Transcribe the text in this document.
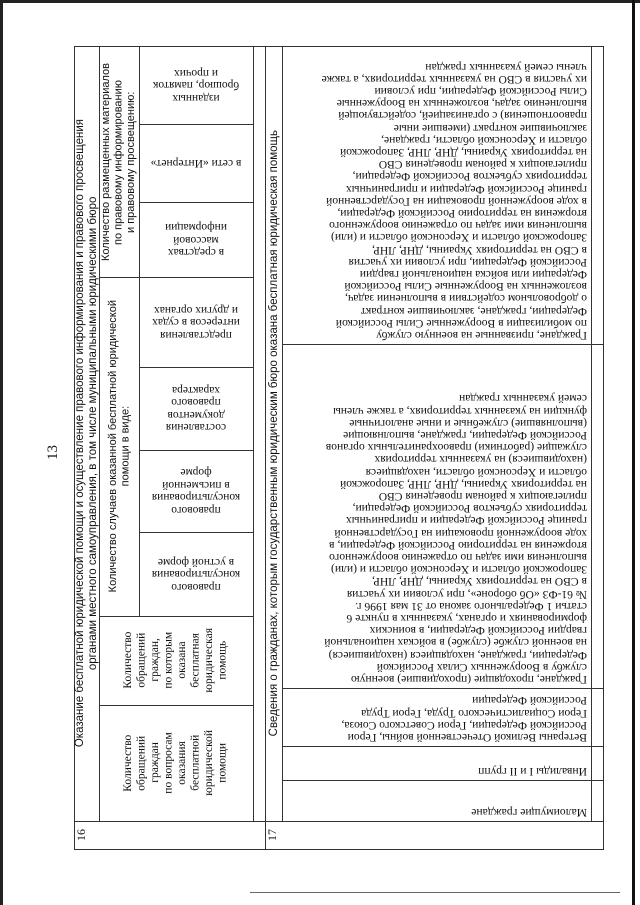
13
16	17
Оказание бесплатной юридической помощи и осуществление правового информирования и правового просвещения
органами местного самоуправления, в том числе муниципальными юридическими бюро Количество размещенных материалов
по правовому информированию
и правовому просвещению:
Количество случаев оказанной бесплатной юридической
помощи в виде:
изданных
брошюр, памяток
и прочих
в сети «Интернет»
в средствах
массовой
информации
представления
интересов в судах
и других органах
составления
документов
правового
характера
правового
консультирования
в письменной
форме
правового
консультирования
в устной форме
Количество
обращений
граждан,
по которым
оказана
бесплатная
юридическая
помощь
Количество
обращений
граждан
по вопросам
оказания
бесплатной
юридической
помощи
Сведения о гражданах, которым государственным юридическим бюро оказана бесплатная юридическая помощь	Граждане, призванные на военную службу
по мобилизации в Вооруженные Силы Российской
Федерации, граждане, заключившие контракт
о добровольном содействии в выполнении задач,
возложенных на Вооруженные Силы Российской
Федерации или войска национальной гвардии
Российской Федерации, при условии их участия
в СВО на территориях Украины, ДНР, ЛНР,
Запорожской области и Херсонской области и (или)
выполнения ими задач по отражению вооруженного
вторжения на территорию Российской Федерации,
в ходе вооруженной провокации на Государственной
границе Российской Федерации и приграничных
территориях субъектов Российской Федерации,
прилегающих к районам проведения СВО
на территориях Украины, ДНР, ЛНР, Запорожской
области и Херсонской области, граждане,
заключившие контракт (имевшие иные
правоотношения) с организацией, содействующей
выполнению задач, возложенных на Вооруженные
Силы Российской Федерации, при условии
их участия в СВО на указанных территориях, а также
члены семей указанных граждан
Граждане, проходящие (проходившие) военную
службу в Вооруженных Силах Российской
Федерации, граждане, находящиеся (находившиеся)
на военной службе (службе) в войсках национальной
гвардии Российской Федерации, в воинских
формированиях и органах, указанных в пункте 6
статьи 1 Федерального закона от 31 мая 1996 г.
№ 61-ФЗ «Об обороне», при условии их участия
в СВО на территориях Украины, ДНР, ЛНР,
Запорожской области и Херсонской области и (или)
выполнения ими задач по отражению вооруженного
вторжения на территорию Российской Федерации, в
ходе вооруженной провокации на Государственной
границе Российской Федерации и приграничных
территориях субъектов Российской Федерации,
прилегающих к районам проведения СВО
на территориях Украины, ДНР, ЛНР, Запорожской
области и Херсонской области, находящиеся
(находившиеся) на указанных территориях
служащие (работники) правоохранительных органов
Российской Федерации, граждане, выполняющие
(выполнявшие) служебные и иные аналогичные
функции на указанных территориях, а также члены
семей указанных граждан
Ветераны Великой Отечественной войны, Герои
Российской Федерации, Герои Советского Союза,
Герои Социалистического Труда, Герои Труда
Российской Федерации
Инвалиды I и II групп
Малоимущие граждане
